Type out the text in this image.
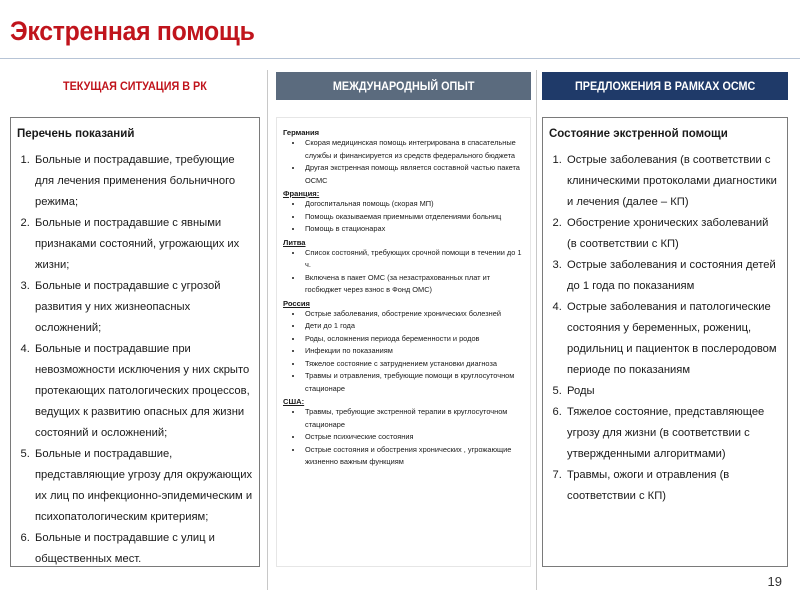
Экстренная помощь
ТЕКУЩАЯ СИТУАЦИЯ В РК	МЕЖДУНАРОДНЫЙ ОПЫТ	ПРЕДЛОЖЕНИЯ В РАМКАХ ОСМС
Перечень показаний
1. Больные и пострадавшие, требующие для лечения применения больничного режима;
2. Больные и пострадавшие с явными признаками состояний, угрожающих их жизни;
3. Больные и пострадавшие с угрозой развития у них жизнеопасных осложнений;
4. Больные и пострадавшие при невозможности исключения у них скрыто протекающих патологических процессов, ведущих к развитию опасных для жизни состояний и осложнений;
5. Больные и пострадавшие, представляющие угрозу для окружающих их лиц по инфекционно-эпидемическим и психопатологическим критериям;
6. Больные и пострадавшие с улиц и общественных мест.
Германия
• Скорая медицинская помощь интегрирована в спасательные службы и финансируется из средств федерального бюджета
• Другая экстренная помощь является составной частью пакета ОСМС
Франция:
• Догоспитальная помощь (скорая МП)
• Помощь оказываемая приемными отделениями больниц
• Помощь в стационарах
Литва
• Список состояний, требующих срочной помощи в течении до 1 ч.
• Включена в пакет ОМС (за незастрахованных плат ит госбюджет через взнос в Фонд ОМС)
Россия
• Острые заболевания, обострение хронических болезней
• Дети до 1 года
• Роды, осложнения периода беременности и родов
• Инфекции по показаниям
• Тяжелое состояние с затруднением установки диагноза
• Травмы и отравления, требующие помощи в круглосуточном стационаре
США:
• Травмы, требующие экстренной терапии в круглосуточном стационаре
• Острые психические состояния
• Острые состояния и обострения хронических , угрожающие жизненно важным функциям
Состояние экстренной помощи
1. Острые заболевания (в соответствии с клиническими протоколами диагностики и лечения (далее – КП)
2. Обострение хронических заболеваний (в соответствии с КП)
3. Острые заболевания и состояния детей до 1 года по показаниям
4. Острые заболевания и патологические состояния у беременных, рожениц, родильниц и пациенток в послеродовом периоде по показаниям
5. Роды
6. Тяжелое состояние, представляющее угрозу для жизни (в соответствии с утвержденными алгоритмами)
7. Травмы, ожоги и отравления (в соответствии с КП)
19
